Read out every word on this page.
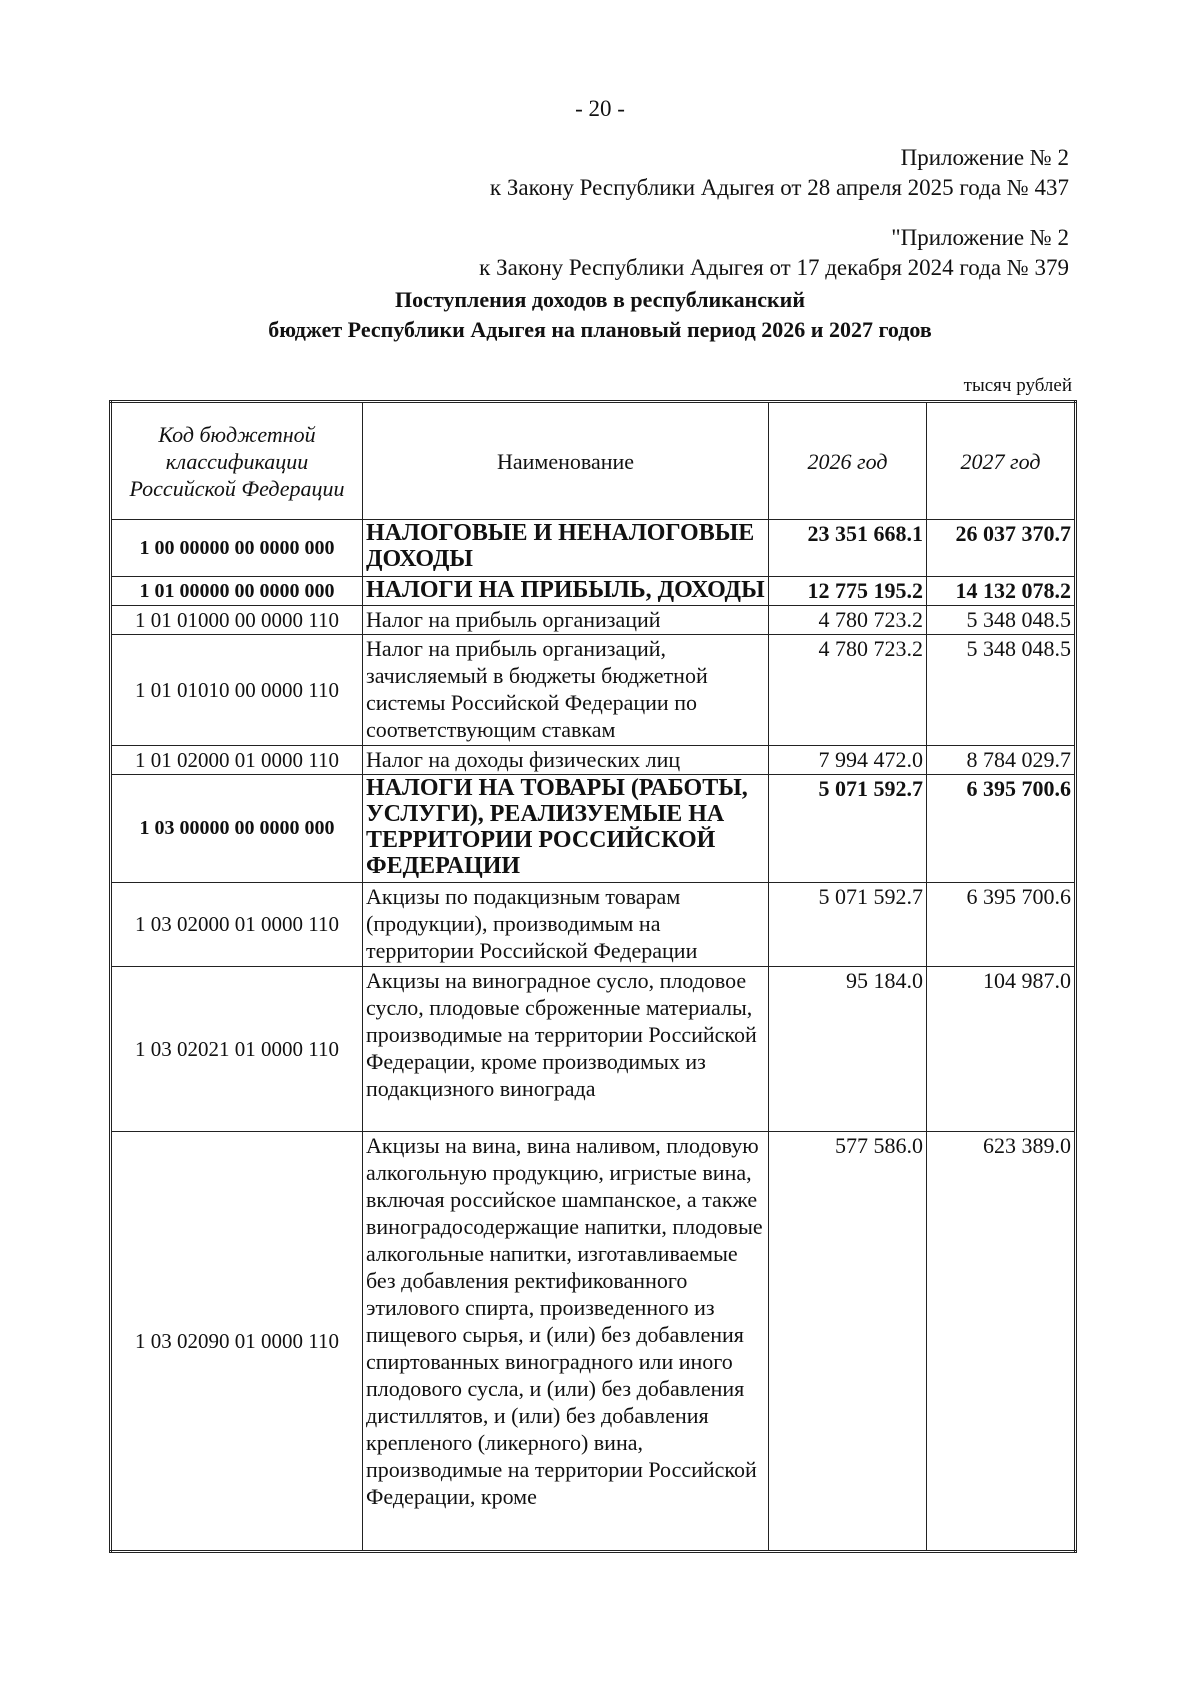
- 20 -
Приложение № 2
к Закону Республики Адыгея от 28 апреля 2025 года № 437
"Приложение № 2
к Закону Республики Адыгея от 17 декабря 2024 года № 379
Поступления доходов в республиканский
бюджет Республики Адыгея на плановый период 2026 и 2027 годов
тысяч рублей
Код бюджетной классификации Российской Федерации	Наименование	2026 год	2027 год
1 00 00000 00 0000 000	НАЛОГОВЫЕ И НЕНАЛОГОВЫЕ ДОХОДЫ	23 351 668.1	26 037 370.7
1 01 00000 00 0000 000	НАЛОГИ НА ПРИБЫЛЬ, ДОХОДЫ	12 775 195.2	14 132 078.2
1 01 01000 00 0000 110	Налог на прибыль организаций	4 780 723.2	5 348 048.5
1 01 01010 00 0000 110	Налог на прибыль организаций, зачисляемый в бюджеты бюджетной системы Российской Федерации по соответствующим ставкам	4 780 723.2	5 348 048.5
1 01 02000 01 0000 110	Налог на доходы физических лиц	7 994 472.0	8 784 029.7
1 03 00000 00 0000 000	НАЛОГИ НА ТОВАРЫ (РАБОТЫ, УСЛУГИ), РЕАЛИЗУЕМЫЕ НА ТЕРРИТОРИИ РОССИЙСКОЙ ФЕДЕРАЦИИ	5 071 592.7	6 395 700.6
1 03 02000 01 0000 110	Акцизы по подакцизным товарам (продукции), производимым на территории Российской Федерации	5 071 592.7	6 395 700.6
1 03 02021 01 0000 110	Акцизы на виноградное сусло, плодовое сусло, плодовые сброженные материалы, производимые на территории Российской Федерации, кроме производимых из подакцизного винограда	95 184.0	104 987.0
1 03 02090 01 0000 110	Акцизы на вина, вина наливом, плодовую алкогольную продукцию, игристые вина, включая российское шампанское, а также виноградосодержащие напитки, плодовые алкогольные напитки, изготавливаемые без добавления ректификованного этилового спирта, произведенного из пищевого сырья, и (или) без добавления спиртованных виноградного или иного плодового сусла, и (или) без добавления дистиллятов, и (или) без добавления крепленого (ликерного) вина, производимые на территории Российской Федерации, кроме	577 586.0	623 389.0
